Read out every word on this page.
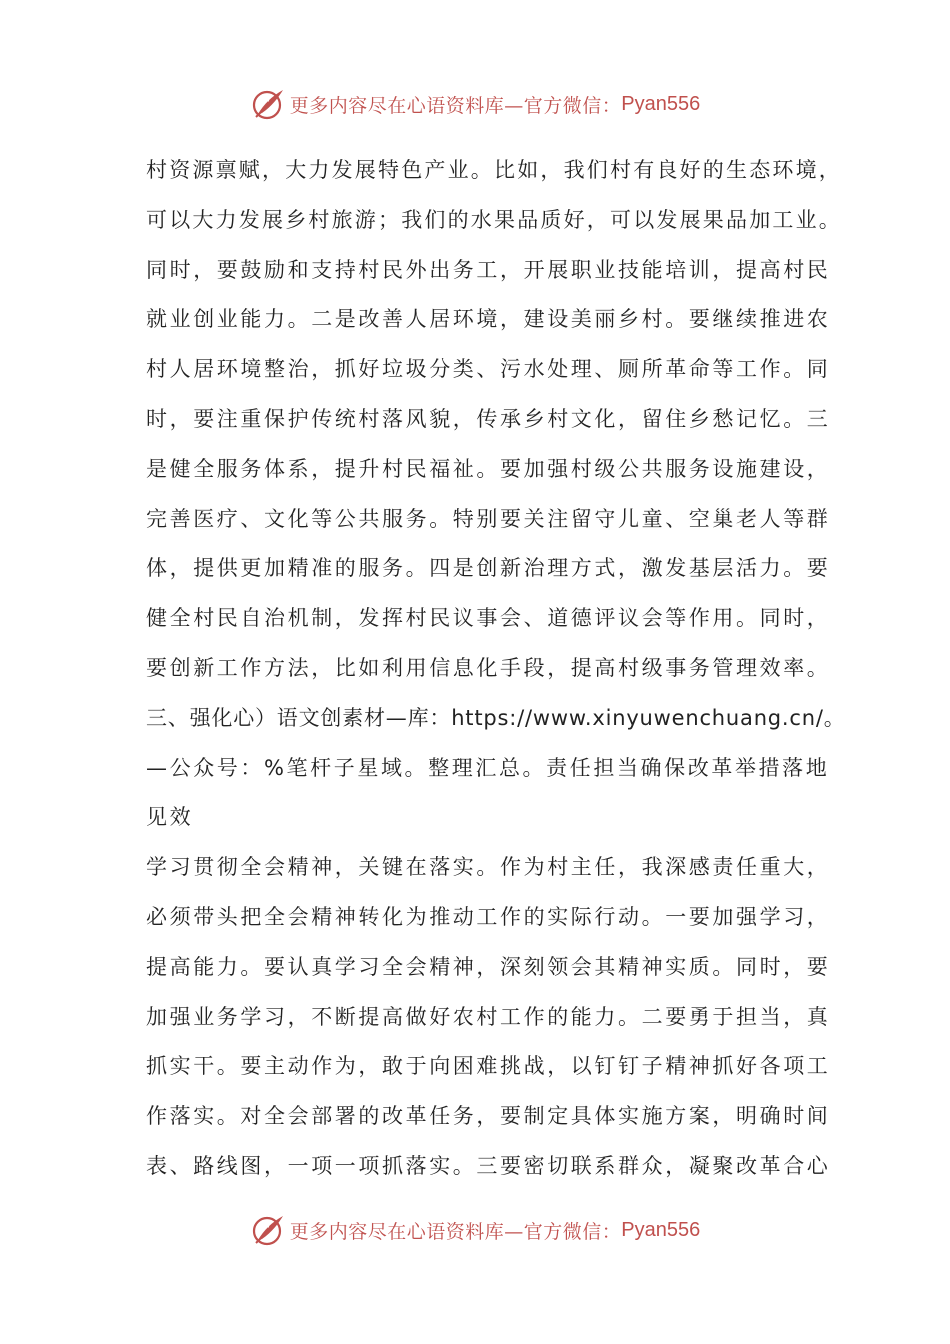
更多内容尽在心语资料库—官方微信： Pyan556
村资源禀赋，大力发展特色产业。比如，我们村有良好的生态环境，
可以大力发展乡村旅游；我们的水果品质好，可以发展果品加工业。
同时，要鼓励和支持村民外出务工，开展职业技能培训，提高村民
就业创业能力。二是改善人居环境，建设美丽乡村。要继续推进农
村人居环境整治，抓好垃圾分类、污水处理、厕所革命等工作。同
时，要注重保护传统村落风貌，传承乡村文化，留住乡愁记忆。三
是健全服务体系，提升村民福祉。要加强村级公共服务设施建设，
完善医疗、文化等公共服务。特别要关注留守儿童、空巢老人等群
体，提供更加精准的服务。四是创新治理方式，激发基层活力。要
健全村民自治机制，发挥村民议事会、道德评议会等作用。同时，
要创新工作方法，比如利用信息化手段，提高村级事务管理效率。
三、强化心）语文创素材—库：https://www.xinyuwenchuang.cn/。
—公众号：%笔杆子星域。整理汇总。责任担当确保改革举措落地
见效
学习贯彻全会精神，关键在落实。作为村主任，我深感责任重大，
必须带头把全会精神转化为推动工作的实际行动。一要加强学习，
提高能力。要认真学习全会精神，深刻领会其精神实质。同时，要
加强业务学习，不断提高做好农村工作的能力。二要勇于担当，真
抓实干。要主动作为，敢于向困难挑战，以钉钉子精神抓好各项工
作落实。对全会部署的改革任务，要制定具体实施方案，明确时间
表、路线图，一项一项抓落实。三要密切联系群众，凝聚改革合心
更多内容尽在心语资料库—官方微信： Pyan556
